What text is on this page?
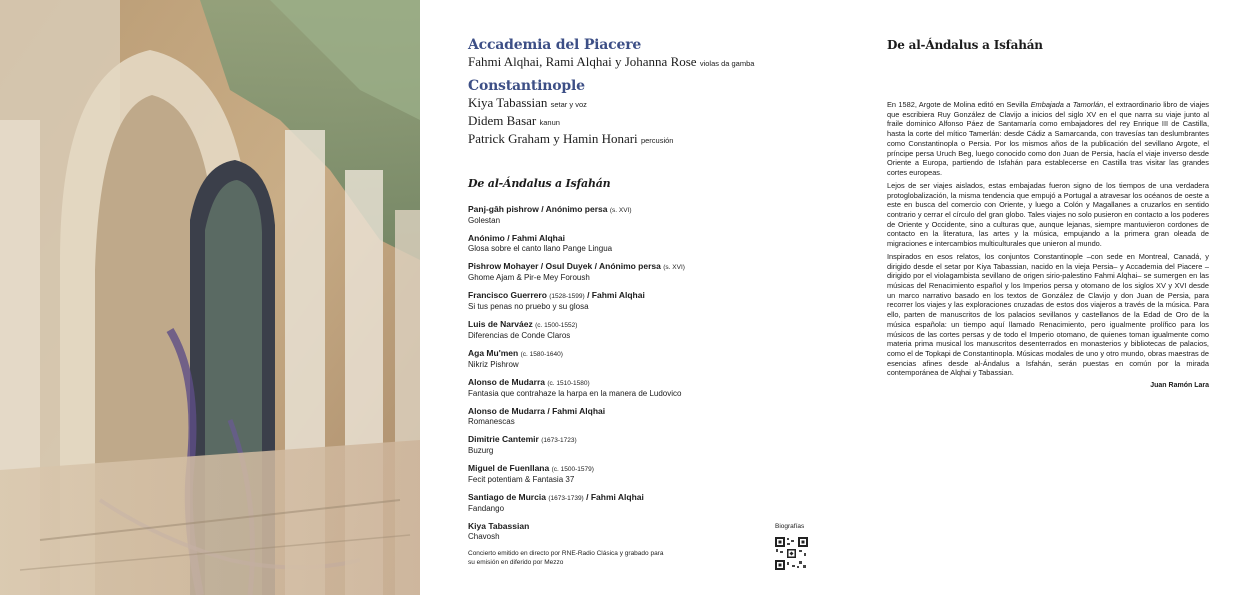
Accademia del Piacere

Fahmi Alqhai, Rami Alqhai y Johanna Rose violas da gamba

Constantinople

Kiya Tabassian setar y voz

Didem Basar kanun

Patrick Graham y Hamin Honari percusión

De al-Ándalus a Isfahán

Panj-gâh pishrow / Anónimo persa (s. XVI)
Golestan
Anónimo / Fahmi Alqhai
Glosa sobre el canto llano Pange Lingua
Pishrow Mohayer / Osul Duyek / Anónimo persa (s. XVI)
Ghome Ajam & Pir-e Mey Foroush
Francisco Guerrero (1528-1599) / Fahmi Alqhai
Si tus penas no pruebo y su glosa
Luis de Narváez (c. 1500-1552)
Diferencias de Conde Claros
Aga Mu'men (c. 1580-1640)
Nikriz Pishrow
Alonso de Mudarra (c. 1510-1580)
Fantasia que contrahaze la harpa en la manera de Ludovico
Alonso de Mudarra / Fahmi Alqhai
Romanescas
Dimitrie Cantemir (1673-1723)
Buzurg
Miguel de Fuenllana (c. 1500-1579)
Fecit potentiam & Fantasia 37
Santiago de Murcia (1673-1739) / Fahmi Alqhai
Fandango
Kiya Tabassian
Chavosh
Biografías
Concierto emitido en directo por RNE-Radio Clásica y grabado para su emisión en diferido por Mezzo

De al-Ándalus a Isfahán

En 1582, Argote de Molina editó en Sevilla Embajada a Tamorlán, el extraordinario libro de viajes que escribiera Ruy González de Clavijo a inicios del siglo XV en el que narra su viaje junto al fraile dominico Alfonso Páez de Santamaría como embajadores del rey Enrique III de Castilla, hasta la corte del mítico Tamerlán: desde Cádiz a Samarcanda, con travesías tan deslumbrantes como Constantinopla o Persia. Por los mismos años de la publicación del sevillano Argote, el príncipe persa Uruch Beg, luego conocido como don Juan de Persia, hacía el viaje inverso desde Oriente a Europa, partiendo de Isfahán para establecerse en Castilla tras visitar las grandes cortes europeas.

Lejos de ser viajes aislados, estas embajadas fueron signo de los tiempos de una verdadera protoglobalización, la misma tendencia que empujó a Portugal a atravesar los océanos de oeste a este en busca del comercio con Oriente, y luego a Colón y Magallanes a cruzarlos en sentido contrario y cerrar el círculo del gran globo. Tales viajes no solo pusieron en contacto a los poderes de Oriente y Occidente, sino a culturas que, aunque lejanas, siempre mantuvieron cordones de contacto en la literatura, las artes y la música, empujando a la primera gran oleada de migraciones e intercambios multiculturales que unieron al mundo.

Inspirados en esos relatos, los conjuntos Constantinople –con sede en Montreal, Canadá, y dirigido desde el setar por Kiya Tabassian, nacido en la vieja Persia– y Accademia del Piacere –dirigido por el violagambista sevillano de origen sirio-palestino Fahmi Alqhai– se sumergen en las músicas del Renacimiento español y los Imperios persa y otomano de los siglos XV y XVI desde un marco narrativo basado en los textos de González de Clavijo y don Juan de Persia, para recorrer los viajes y las exploraciones cruzadas de estos dos viajeros a través de la música. Para ello, parten de manuscritos de los palacios sevillanos y castellanos de la Edad de Oro de la música española: un tiempo aquí llamado Renacimiento, pero igualmente prolífico para los músicos de las cortes persas y de todo el Imperio otomano, de quienes toman igualmente como materia prima musical los manuscritos desenterrados en monasterios y bibliotecas de palacios, como el de Topkapi de Constantinopla. Músicas modales de uno y otro mundo, obras maestras de esencias afines desde al-Ándalus a Isfahán, serán puestas en común por la mirada contemporánea de Alqhai y Tabassian.

Juan Ramón Lara
